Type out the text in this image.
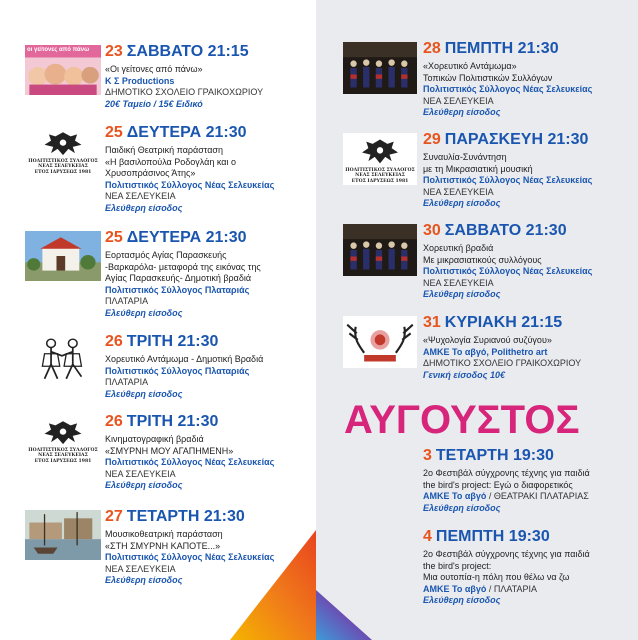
οι γείτονες από πάνω 23 ΣΑΒΒΑΤΟ 21:15
«Οι γείτονες από πάνω»
K Σ Productions
ΔΗΜΟΤΙΚΟ ΣΧΟΛΕΙΟ ΓΡΑΙΚΟΧΩΡΙΟΥ
20€ Ταμείο / 15€ Ειδικό
ΠΟΛΙΤΙΣΤΙΚΟΣ ΣΥΛΛΟΓΟΣ
ΝΕΑΣ ΣΕΛΕΥΚΕΙΑΣ
ΕΤΟΣ ΙΔΡΥΣΕΩΣ 1981
25 ΔΕΥΤΕΡΑ 21:30
Παιδική Θεατρική παράσταση
«Η βασιλοπούλα Ροδογλάη και ο
Χρυσοπράσινος Άτης»
Πολιτιστικός Σύλλογος Νέας Σελευκείας
ΝΕΑ ΣΕΛΕΥΚΕΙΑ
Ελεύθερη είσοδος
25 ΔΕΥΤΕΡΑ 21:30
Εορτασμός Αγίας Παρασκευής
-Βαρκαρόλα- μεταφορά της εικόνας της
Αγίας Παρασκευής- Δημοτική βραδιά
Πολιτιστικός Σύλλογος Πλαταριάς
ΠΛΑΤΑΡΙΑ
Ελεύθερη είσοδος
26 ΤΡΙΤΗ 21:30
Χορευτικό Αντάμωμα - Δημοτική Βραδιά
Πολιτιστικός Σύλλογος Πλαταριάς
ΠΛΑΤΑΡΙΑ
Ελεύθερη είσοδος
ΠΟΛΙΤΙΣΤΙΚΟΣ ΣΥΛΛΟΓΟΣ
ΝΕΑΣ ΣΕΛΕΥΚΕΙΑΣ
ΕΤΟΣ ΙΔΡΥΣΕΩΣ 1981
26 ΤΡΙΤΗ 21:30
Κινηματογραφική βραδιά
«ΣΜΥΡΝΗ ΜΟΥ ΑΓΑΠΗΜΕΝΗ»
Πολιτιστικός Σύλλογος Νέας Σελευκείας
ΝΕΑ ΣΕΛΕΥΚΕΙΑ
Ελεύθερη είσοδος
27 ΤΕΤΑΡΤΗ 21:30
Μουσικοθεατρική παράσταση
«ΣΤΗ ΣΜΥΡΝΗ ΚΑΠΟΤΕ...»
Πολιτιστικός Σύλλογος Νέας Σελευκείας
ΝΕΑ ΣΕΛΕΥΚΕΙΑ
Ελεύθερη είσοδος
28 ΠΕΜΠΤΗ 21:30
«Χορευτικό Αντάμωμα»
Τοπικών Πολιτιστικών Συλλόγων
Πολιτιστικός Σύλλογος Νέας Σελευκείας
ΝΕΑ ΣΕΛΕΥΚΕΙΑ
Ελεύθερη είσοδος
ΠΟΛΙΤΙΣΤΙΚΟΣ ΣΥΛΛΟΓΟΣ
ΝΕΑΣ ΣΕΛΕΥΚΕΙΑΣ
ΕΤΟΣ ΙΔΡΥΣΕΩΣ 1981
29 ΠΑΡΑΣΚΕΥΗ 21:30
Συναυλία-Συνάντηση
με τη Μικρασιατική μουσική
Πολιτιστικός Σύλλογος Νέας Σελευκείας
ΝΕΑ ΣΕΛΕΥΚΕΙΑ
Ελεύθερη είσοδος
30 ΣΑΒΒΑΤΟ 21:30
Χορευτική βραδιά
Με μικρασιατικούς συλλόγους
Πολιτιστικός Σύλλογος Νέας Σελευκείας
ΝΕΑ ΣΕΛΕΥΚΕΙΑ
Ελεύθερη είσοδος
31 ΚΥΡΙΑΚΗ 21:15
«Ψυχολογία Συριανού συζύγου»
ΑΜΚΕ Το αβγό, Polithetro art
ΔΗΜΟΤΙΚΟ ΣΧΟΛΕΙΟ ΓΡΑΙΚΟΧΩΡΙΟΥ
Γενική είσοδος 10€
ΑΥΓΟΥΣΤΟΣ
3 ΤΕΤΑΡΤΗ 19:30
2ο Φεστιβάλ σύγχρονης τέχνης για παιδιά
the bird's project: Εγώ ο διαφορετικός
ΑΜΚΕ Το αβγό / ΘΕΑΤΡΑΚΙ ΠΛΑΤΑΡΙΑΣ
Ελεύθερη είσοδος
4 ΠΕΜΠΤΗ 19:30
2ο Φεστιβάλ σύγχρονης τέχνης για παιδιά
the bird's project:
Μια ουτοπία-η πόλη που θέλω να ζω
ΑΜΚΕ Το αβγό / ΠΛΑΤΑΡΙΑ
Ελεύθερη είσοδος
